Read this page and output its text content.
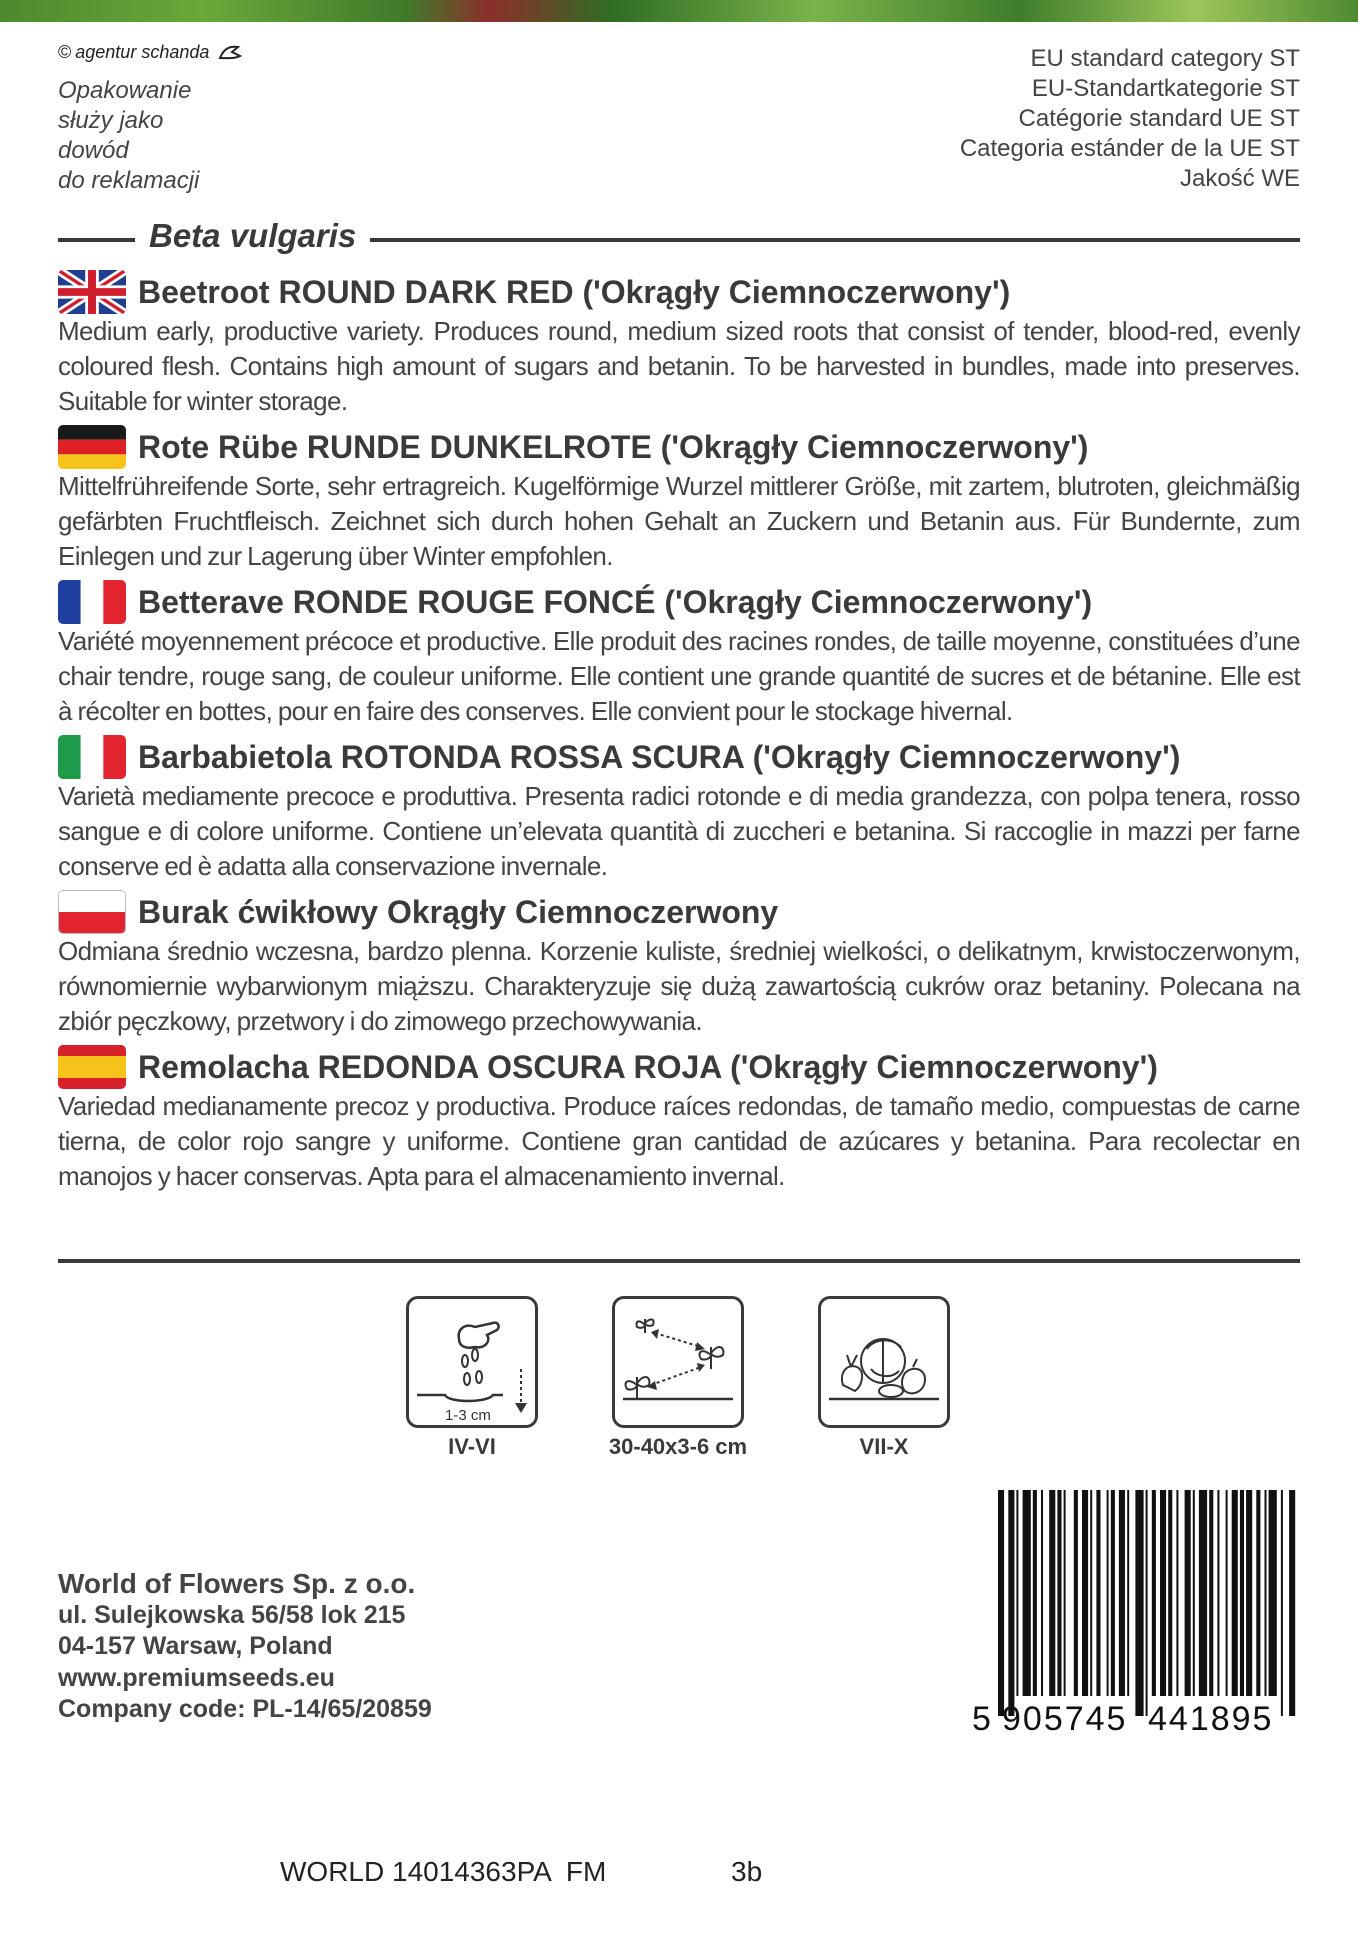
© agentur schanda
Opakowanie
służy jako
dowód
do reklamacji
EU standard category ST
EU-Standartkategorie ST
Catégorie standard UE ST
Categoria estánder de la UE ST
Jakość WE
Beta vulgaris
Beetroot ROUND DARK RED ('Okrągły Ciemnoczerwony')
Medium early, productive variety. Produces round, medium sized roots that consist of tender, blood-red, evenly coloured flesh. Contains high amount of sugars and betanin. To be harvested in bundles, made into preserves. Suitable for winter storage.
Rote Rübe RUNDE DUNKELROTE ('Okrągły Ciemnoczerwony')
Mittelfrühreifende Sorte, sehr ertragreich. Kugelförmige Wurzel mittlerer Größe, mit zartem, blutroten, gleichmäßig gefärbten Fruchtfleisch. Zeichnet sich durch hohen Gehalt an Zuckern und Betanin aus. Für Bundernte, zum Einlegen und zur Lagerung über Winter empfohlen.
Betterave RONDE ROUGE FONCÉ ('Okrągły Ciemnoczerwony')
Variété moyennement précoce et productive. Elle produit des racines rondes, de taille moyenne, constituées d’une chair tendre, rouge sang, de couleur uniforme. Elle contient une grande quantité de sucres et de bétanine. Elle est à récolter en bottes, pour en faire des conserves. Elle convient pour le stockage hivernal.
Barbabietola ROTONDA ROSSA SCURA ('Okrągły Ciemnoczerwony')
Varietà mediamente precoce e produttiva. Presenta radici rotonde e di media grandezza, con polpa tenera, rosso sangue e di colore uniforme. Contiene un’elevata quantità di zuccheri e betanina. Si raccoglie in mazzi per farne conserve ed è adatta alla conservazione invernale.
Burak ćwikłowy Okrągły Ciemnoczerwony
Odmiana średnio wczesna, bardzo plenna. Korzenie kuliste, średniej wielkości, o delikatnym, krwistoczerwonym, równomiernie wybarwionym miąższu. Charakteryzuje się dużą zawartością cukrów oraz betaniny. Polecana na zbiór pęczkowy, przetwory i do zimowego przechowywania.
Remolacha REDONDA OSCURA ROJA ('Okrągły Ciemnoczerwony')
Variedad medianamente precoz y productiva. Produce raíces redondas, de tamaño medio, compuestas de carne tierna, de color rojo sangre y uniforme. Contiene gran cantidad de azúcares y betanina. Para recolectar en manojos y hacer conservas. Apta para el almacenamiento invernal.
1-3 cm
IV-VI	30-40x3-6 cm	VII-X
World of Flowers Sp. z o.o.
ul. Sulejkowska 56/58 lok 215
04-157 Warsaw, Poland
www.premiumseeds.eu
Company code: PL-14/65/20859	5 905745 441895
WORLD 14014363PA  FM	3b
